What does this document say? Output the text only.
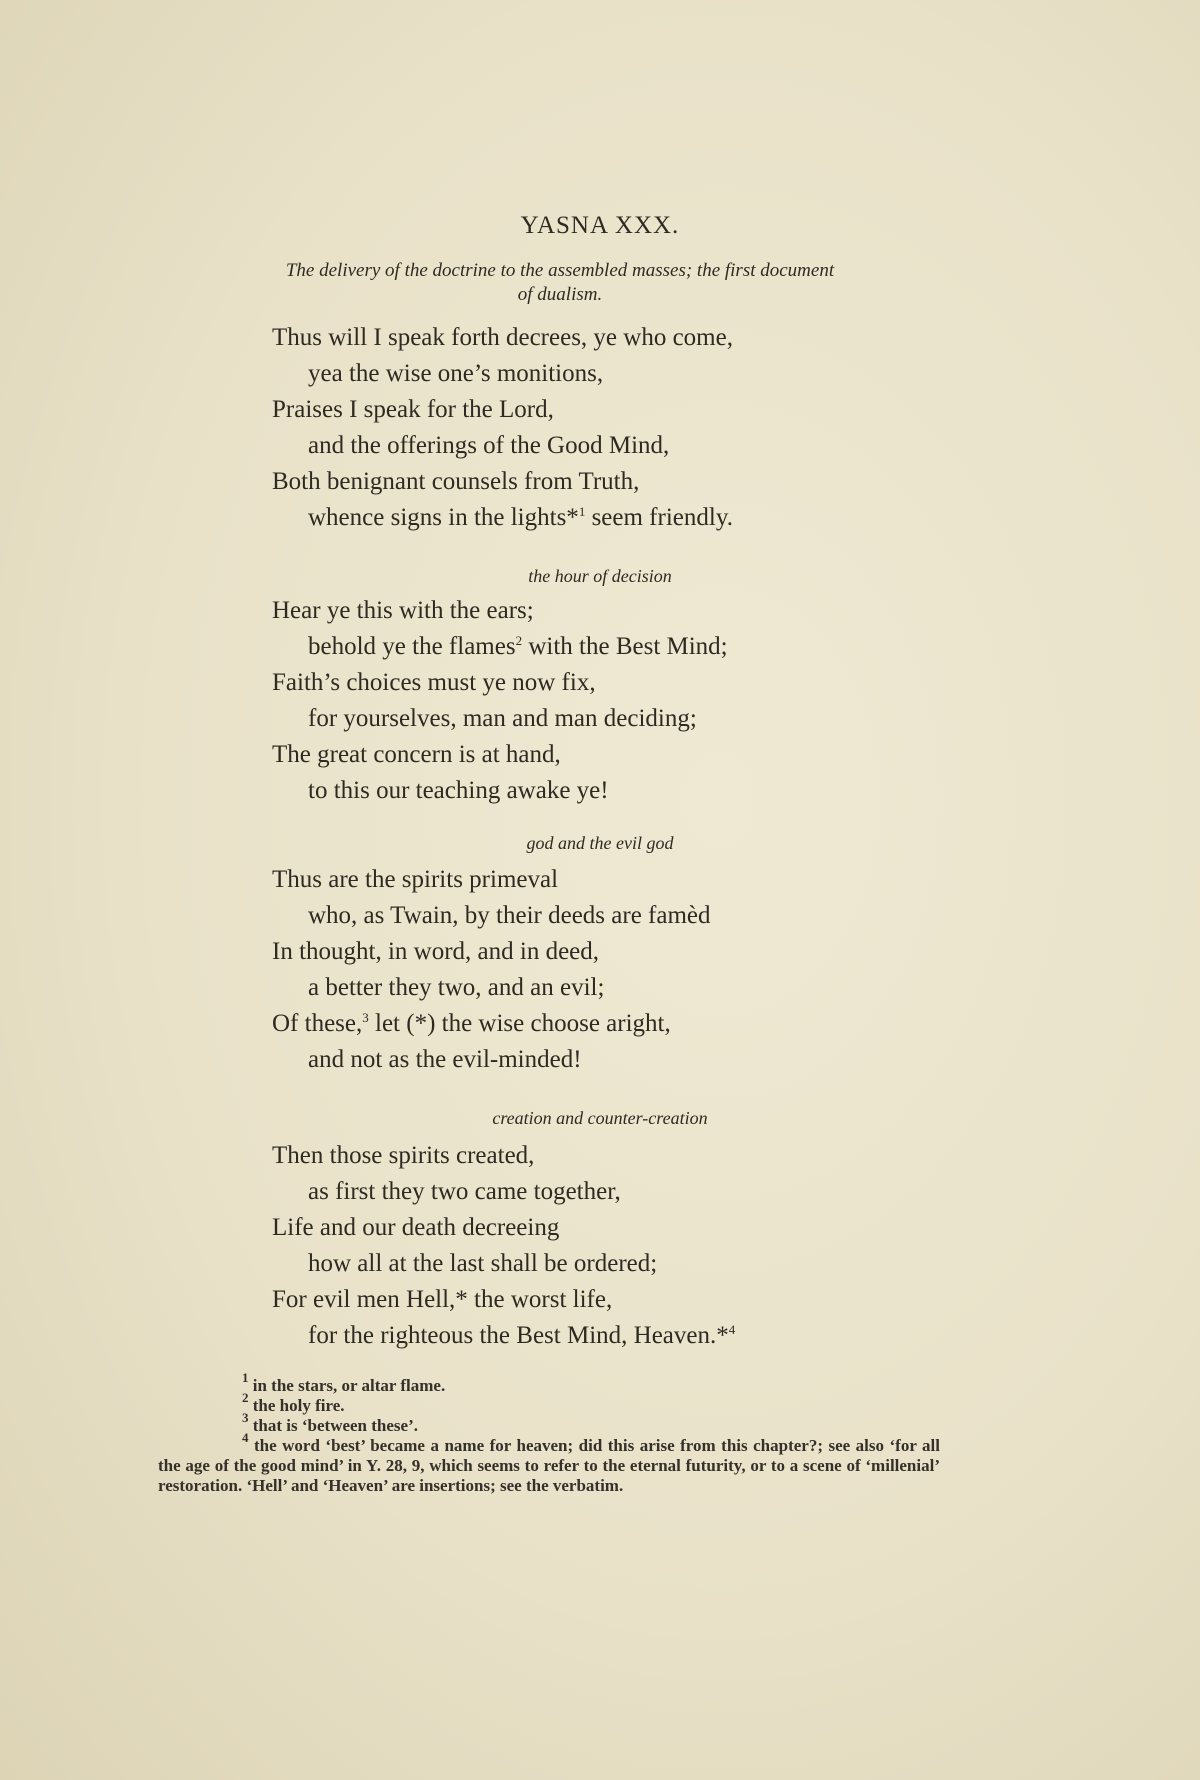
YASNA XXX.
The delivery of the doctrine to the assembled masses; the first document
of dualism.
Thus will I speak forth decrees, ye who come,
yea the wise one’s monitions,
Praises I speak for the Lord,
and the offerings of the Good Mind,
Both benignant counsels from Truth,
whence signs in the lights*$^1$ seem friendly.
the hour of decision
Hear ye this with the ears;
behold ye the flames$^2$ with the Best Mind;
Faith’s choices must ye now fix,
for yourselves, man and man deciding;
The great concern is at hand,
to this our teaching awake ye!
god and the evil god
Thus are the spirits primeval
who, as Twain, by their deeds are famèd
In thought, in word, and in deed,
a better they two, and an evil;
Of these,$^3$ let (*) the wise choose aright,
and not as the evil-minded!
creation and counter-creation
Then those spirits created,
as first they two came together,
Life and our death decreeing
how all at the last shall be ordered;
For evil men Hell,* the worst life,
for the righteous the Best Mind, Heaven.*$^4$
$^1$ in the stars, or altar flame.
$^2$ the holy fire.
$^3$ that is ‘between these’.
$^4$ the word ‘best’ became a name for heaven; did this arise from this chapter?; see also ‘for all the age of the good mind’ in Y. 28, 9, which seems to refer to the eternal futurity, or to a scene of ‘millenial’ restoration. ‘Hell’ and ‘Heaven’ are insertions; see the verbatim.
